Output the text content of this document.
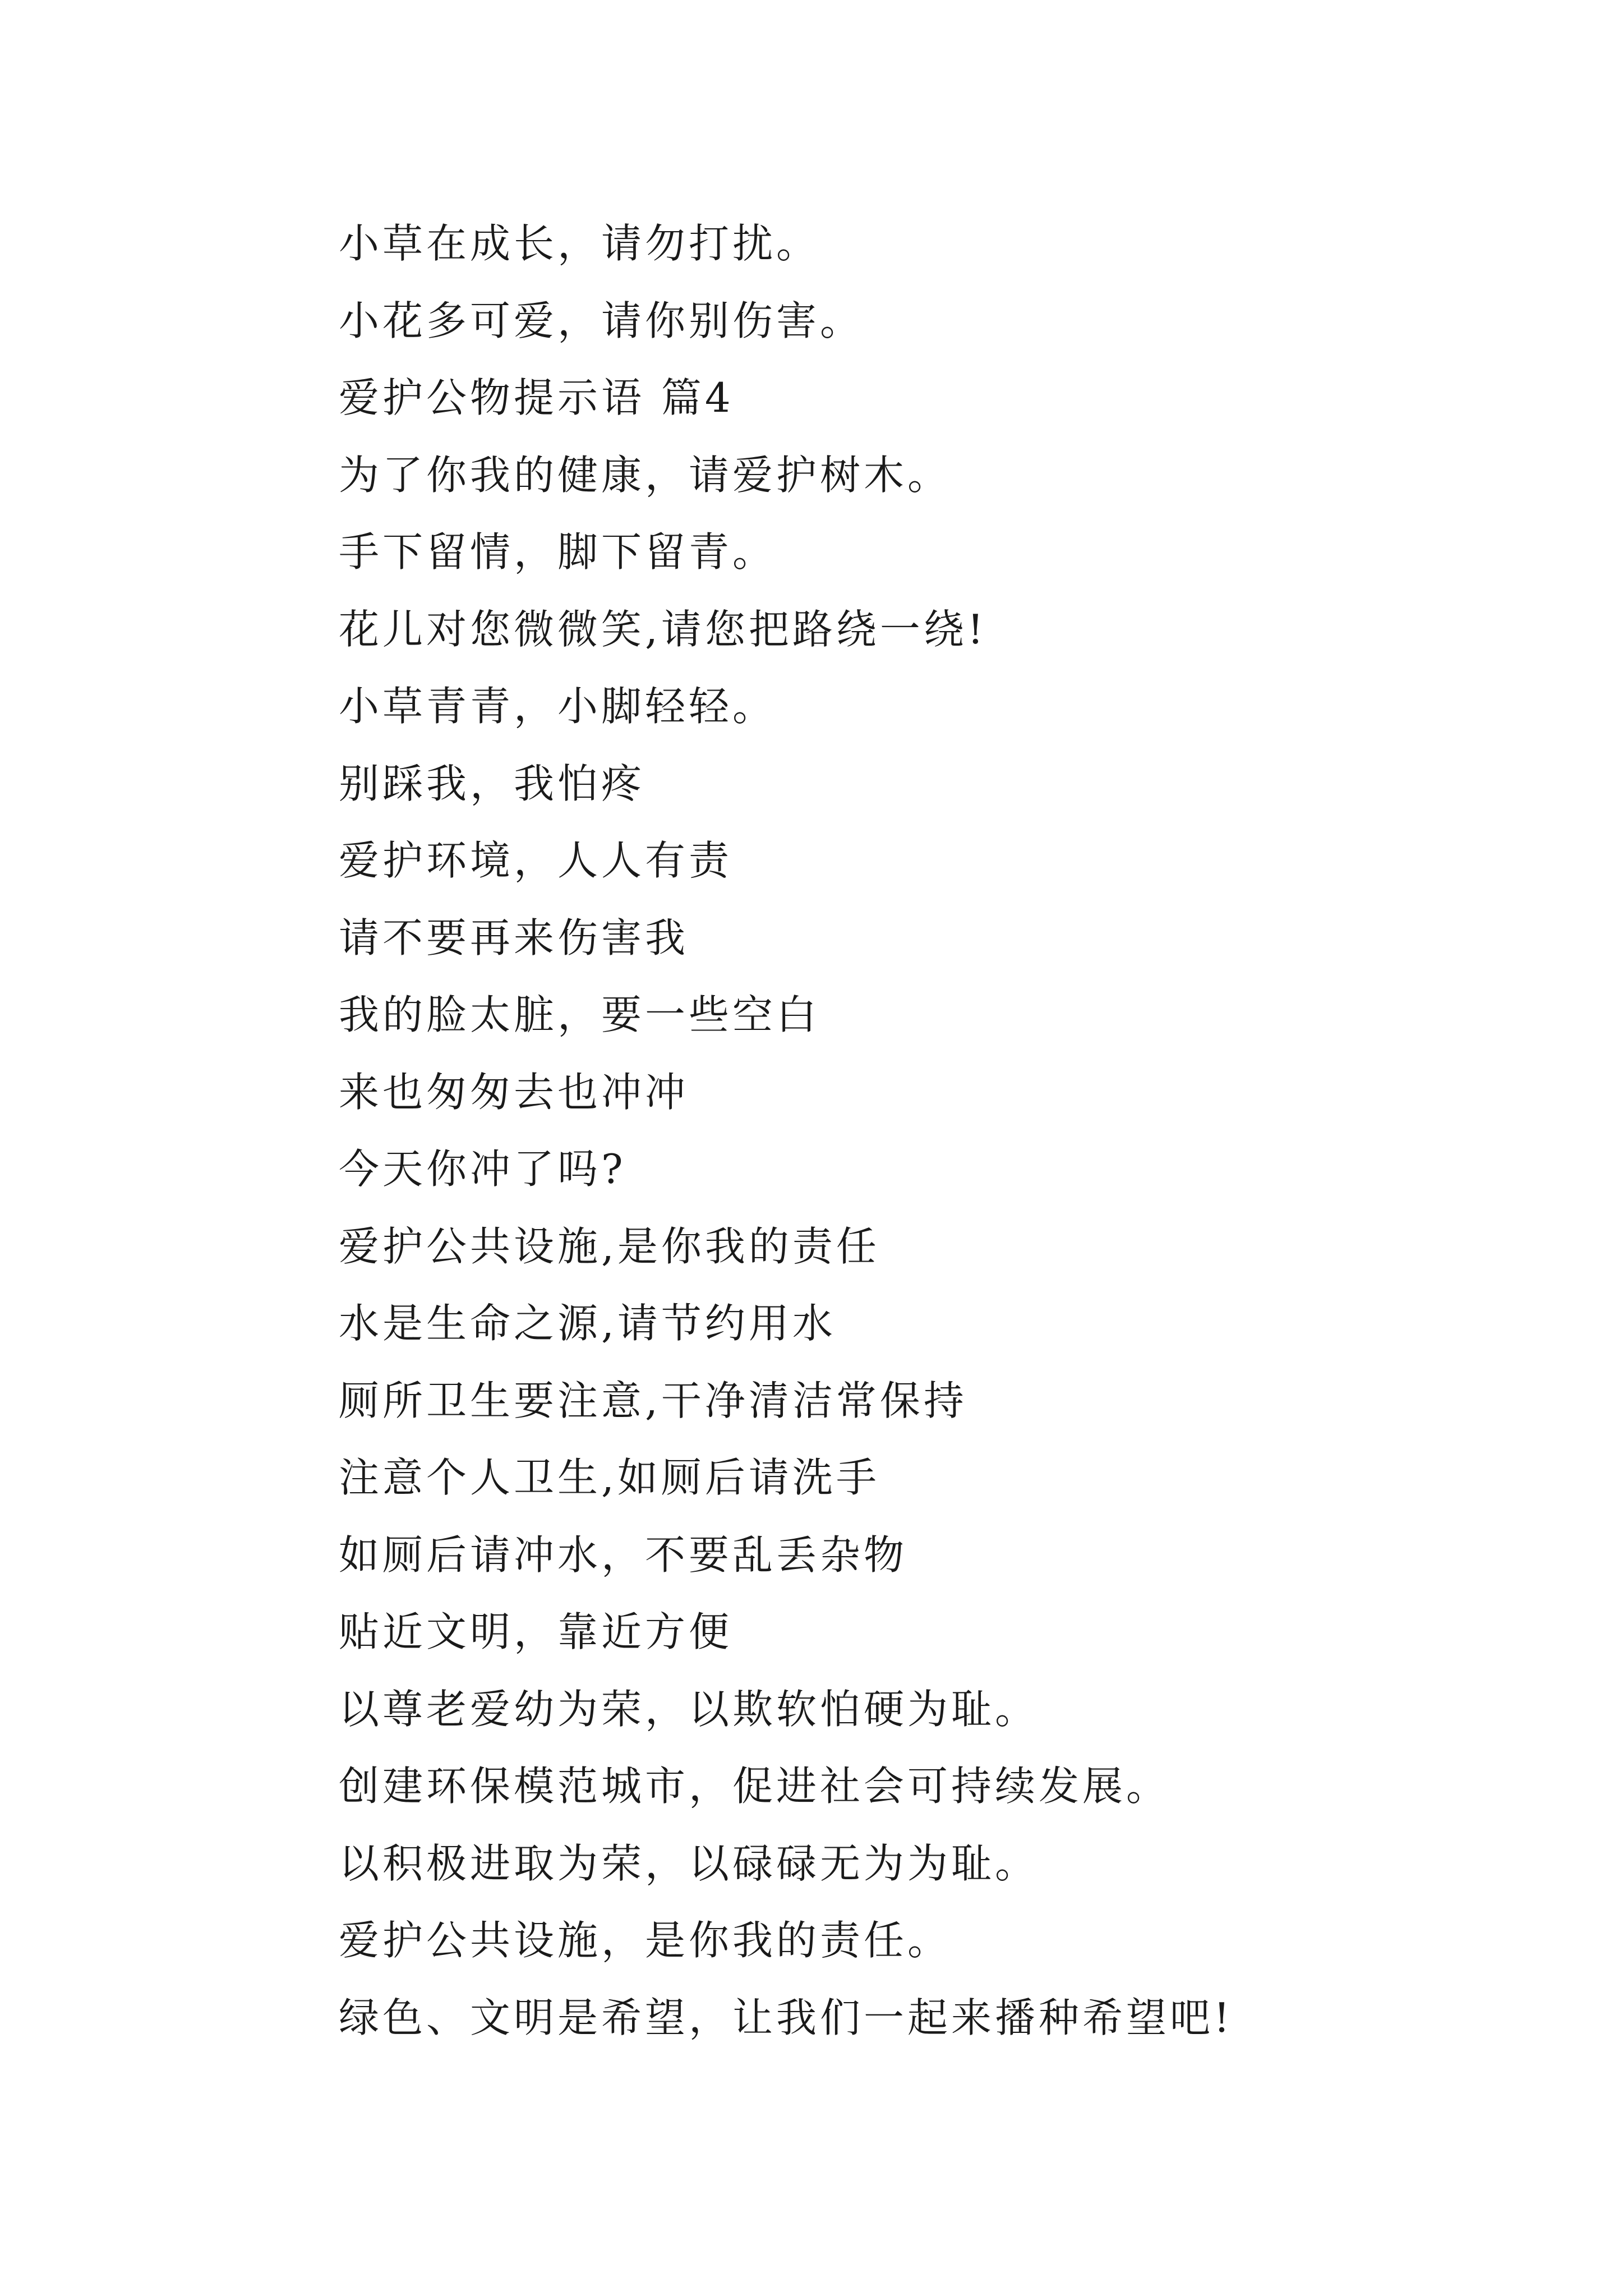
小草在成长，请勿打扰。
小花多可爱，请你别伤害。
爱护公物提示语 篇4
为了你我的健康，请爱护树木。
手下留情，脚下留青。
花儿对您微微笑,请您把路绕一绕!
小草青青，小脚轻轻。
别踩我，我怕疼
爱护环境，人人有责
请不要再来伤害我
我的脸太脏，要一些空白
来也匆匆去也冲冲
今天你冲了吗?
爱护公共设施,是你我的责任
水是生命之源,请节约用水
厕所卫生要注意,干净清洁常保持
注意个人卫生,如厕后请洗手
如厕后请冲水，不要乱丢杂物
贴近文明，靠近方便
以尊老爱幼为荣，以欺软怕硬为耻。
创建环保模范城市，促进社会可持续发展。
以积极进取为荣，以碌碌无为为耻。
爱护公共设施，是你我的责任。
绿色、文明是希望，让我们一起来播种希望吧!
